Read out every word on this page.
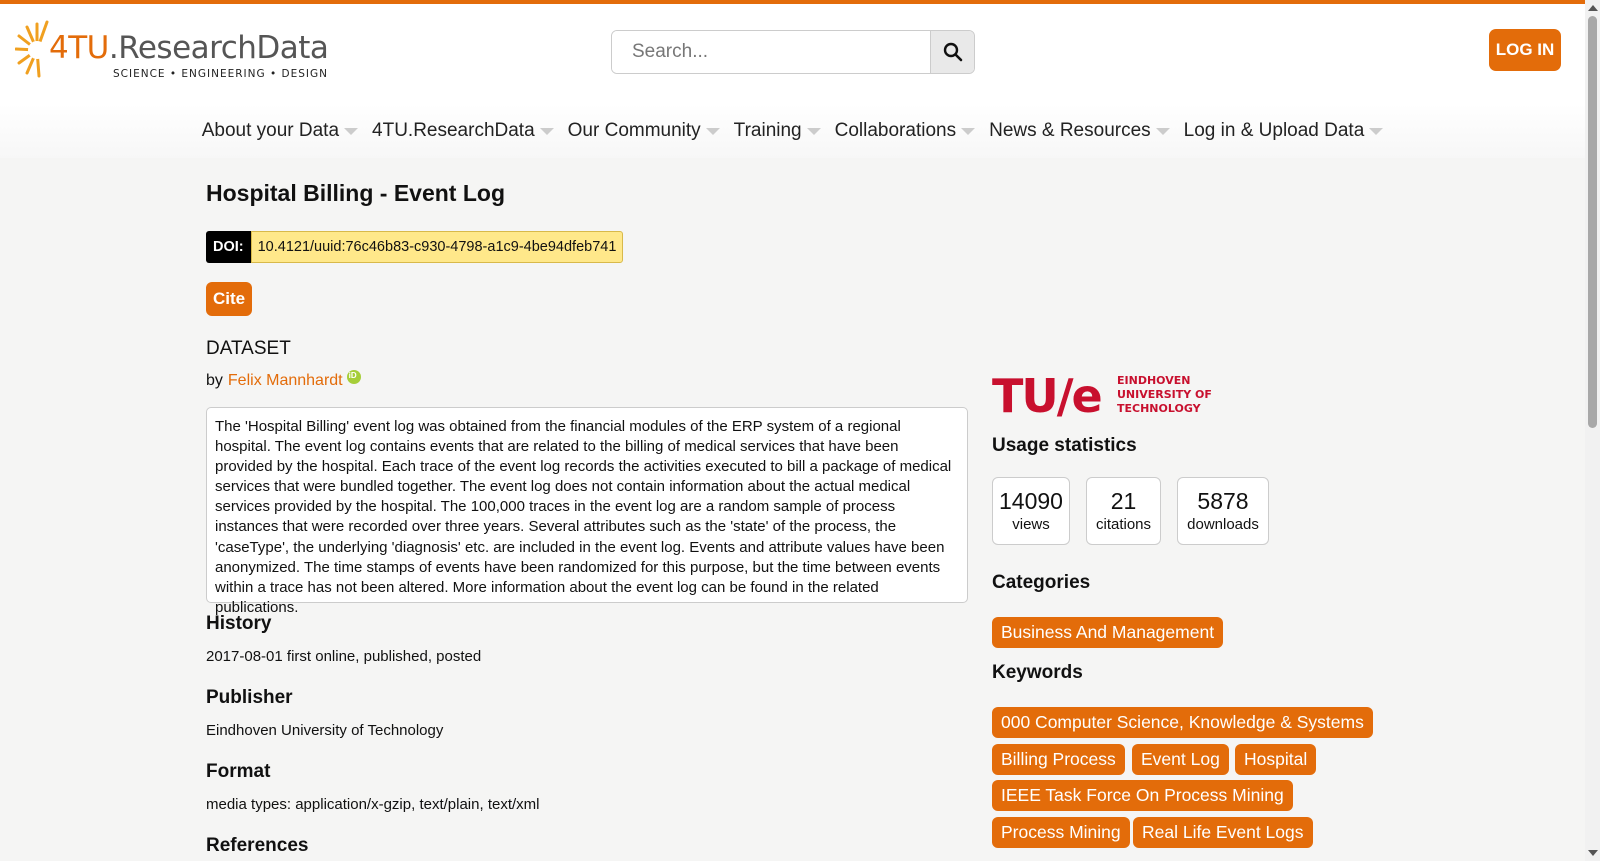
4TU.ResearchData
SCIENCE • ENGINEERING • DESIGN
Search...
LOG IN
About your Data 4TU.ResearchData Our Community Training Collaborations News & Resources Log in & Upload Data
Hospital Billing - Event Log
DOI: 10.4121/uuid:76c46b83-c930-4798-a1c9-4be94dfeb741
Cite
DATASET
by Felix Mannhardt
iD
The 'Hospital Billing' event log was obtained from the financial modules of the ERP system of a regional hospital. The event log contains events that are related to the billing of medical services that have been provided by the hospital. Each trace of the event log records the activities executed to bill a package of medical services that were bundled together. The event log does not contain information about the actual medical services provided by the hospital. The 100,000 traces in the event log are a random sample of process instances that were recorded over three years. Several attributes such as the 'state' of the process, the 'caseType', the underlying 'diagnosis' etc. are included in the event log. Events and attribute values have been anonymized. The time stamps of events have been randomized for this purpose, but the time between events within a trace has not been altered. More information about the event log can be found in the related publications.
History

2017-08-01 first online, published, posted

Publisher

Eindhoven University of Technology

Format

media types: application/x-gzip, text/plain, text/xml

References
TU/e EINDHOVEN
UNIVERSITY OF
TECHNOLOGY
Usage statistics
14090
views
21
citations
5878
downloads
Categories
Business And Management
Keywords
000 Computer Science, Knowledge & Systems
Billing Process	Event Log	Hospital
IEEE Task Force On Process Mining
Process Mining	Real Life Event Logs
